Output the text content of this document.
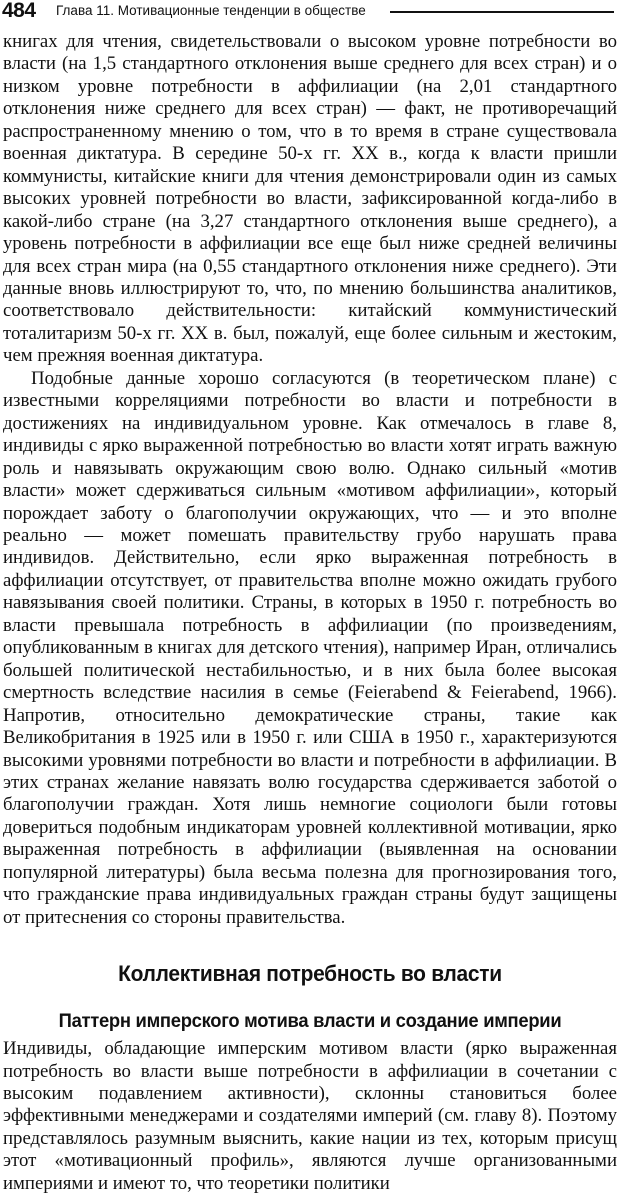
484 Глава 11. Мотивационные тенденции в обществе

книгах для чтения, свидетельствовали о высоком уровне потребности во власти (на 1,5 стандартного отклонения выше среднего для всех стран) и о низком уровне потребности в аффилиации (на 2,01 стандартного отклонения ниже среднего для всех стран) — факт, не противоречащий распространенному мнению о том, что в то время в стране существовала военная диктатура. В середине 50-х гг. XX в., когда к власти пришли коммунисты, китайские книги для чтения демонстрировали один из самых высоких уровней потребности во власти, зафиксированной когда-либо в какой-либо стране (на 3,27 стандартного отклонения выше среднего), а уровень потребности в аффилиации все еще был ниже средней величины для всех стран мира (на 0,55 стандартного отклонения ниже среднего). Эти данные вновь иллюстрируют то, что, по мнению большинства аналитиков, соответствовало действительности: китайский коммунистический тоталитаризм 50-х гг. XX в. был, пожалуй, еще более сильным и жестоким, чем прежняя военная диктатура.

Подобные данные хорошо согласуются (в теоретическом плане) с известными корреляциями потребности во власти и потребности в достижениях на индивидуальном уровне. Как отмечалось в главе 8, индивиды с ярко выраженной потребностью во власти хотят играть важную роль и навязывать окружающим свою волю. Однако сильный «мотив власти» может сдерживаться сильным «мотивом аффилиации», который порождает заботу о благополучии окружающих, что — и это вполне реально — может помешать правительству грубо нарушать права индивидов. Действительно, если ярко выраженная потребность в аффилиации отсутствует, от правительства вполне можно ожидать грубого навязывания своей политики. Страны, в которых в 1950 г. потребность во власти превышала потребность в аффилиации (по произведениям, опубликованным в книгах для детского чтения), например Иран, отличались большей политической нестабильностью, и в них была более высокая смертность вследствие насилия в семье (Feierabend & Feierabend, 1966). Напротив, относительно демократические страны, такие как Великобритания в 1925 или в 1950 г. или США в 1950 г., характеризуются высокими уровнями потребности во власти и потребности в аффилиации. В этих странах желание навязать волю государства сдерживается заботой о благополучии граждан. Хотя лишь немногие социологи были готовы довериться подобным индикаторам уровней коллективной мотивации, ярко выраженная потребность в аффилиации (выявленная на основании популярной литературы) была весьма полезна для прогнозирования того, что гражданские права индивидуальных граждан страны будут защищены от притеснения со стороны правительства.

Коллективная потребность во власти
Паттерн имперского мотива власти и создание империи

Индивиды, обладающие имперским мотивом власти (ярко выраженная потребность во власти выше потребности в аффилиации в сочетании с высоким подавлением активности), склонны становиться более эффективными менеджерами и создателями империй (см. главу 8). Поэтому представлялось разумным выяснить, какие нации из тех, которым присущ этот «мотивационный профиль», являются лучше организованными империями и имеют то, что теоретики политики
